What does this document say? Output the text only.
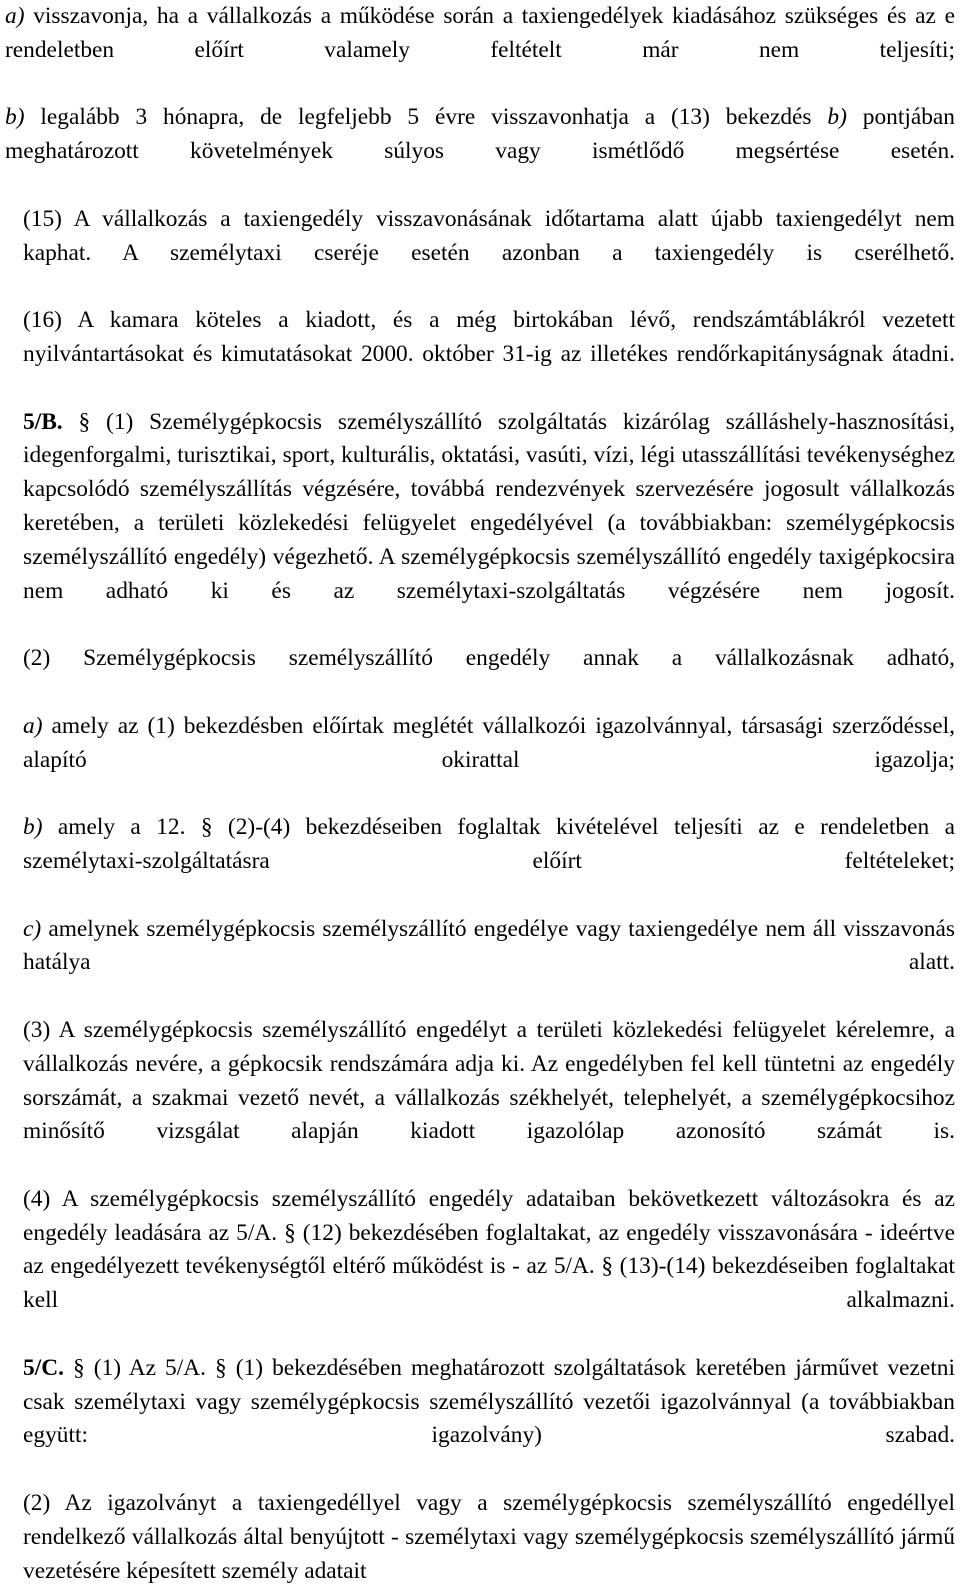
a) visszavonja, ha a vállalkozás a működése során a taxiengedélyek kiadásához szükséges és az e rendeletben előírt valamely feltételt már nem teljesíti;

b) legalább 3 hónapra, de legfeljebb 5 évre visszavonhatja a (13) bekezdés b) pontjában meghatározott követelmények súlyos vagy ismétlődő megsértése esetén.

(15) A vállalkozás a taxiengedély visszavonásának időtartama alatt újabb taxiengedélyt nem kaphat. A személytaxi cseréje esetén azonban a taxiengedély is cserélhető.

(16) A kamara köteles a kiadott, és a még birtokában lévő, rendszámtáblákról vezetett nyilvántartásokat és kimutatásokat 2000. október 31-ig az illetékes rendőrkapitányságnak átadni.

5/B. § (1) Személygépkocsis személyszállító szolgáltatás kizárólag szálláshely-hasznosítási, idegenforgalmi, turisztikai, sport, kulturális, oktatási, vasúti, vízi, légi utasszállítási tevékenységhez kapcsolódó személyszállítás végzésére, továbbá rendezvények szervezésére jogosult vállalkozás keretében, a területi közlekedési felügyelet engedélyével (a továbbiakban: személygépkocsis személyszállító engedély) végezhető. A személygépkocsis személyszállító engedély taxigépkocsira nem adható ki és az személytaxi-szolgáltatás végzésére nem jogosít.

(2) Személygépkocsis személyszállító engedély annak a vállalkozásnak adható,

a) amely az (1) bekezdésben előírtak meglétét vállalkozói igazolvánnyal, társasági szerződéssel, alapító okirattal igazolja;

b) amely a 12. § (2)-(4) bekezdéseiben foglaltak kivételével teljesíti az e rendeletben a személytaxi-szolgáltatásra előírt feltételeket;

c) amelynek személygépkocsis személyszállító engedélye vagy taxiengedélye nem áll visszavonás hatálya alatt.

(3) A személygépkocsis személyszállító engedélyt a területi közlekedési felügyelet kérelemre, a vállalkozás nevére, a gépkocsik rendszámára adja ki. Az engedélyben fel kell tüntetni az engedély sorszámát, a szakmai vezető nevét, a vállalkozás székhelyét, telephelyét, a személygépkocsihoz minősítő vizsgálat alapján kiadott igazolólap azonosító számát is.

(4) A személygépkocsis személyszállító engedély adataiban bekövetkezett változásokra és az engedély leadására az 5/A. § (12) bekezdésében foglaltakat, az engedély visszavonására - ideértve az engedélyezett tevékenységtől eltérő működést is - az 5/A. § (13)-(14) bekezdéseiben foglaltakat kell alkalmazni.

5/C. § (1) Az 5/A. § (1) bekezdésében meghatározott szolgáltatások keretében járművet vezetni csak személytaxi vagy személygépkocsis személyszállító vezetői igazolvánnyal (a továbbiakban együtt: igazolvány) szabad.

(2) Az igazolványt a taxiengedéllyel vagy a személygépkocsis személyszállító engedéllyel rendelkező vállalkozás által benyújtott - személytaxi vagy személygépkocsis személyszállító jármű vezetésére képesített személy adatait
